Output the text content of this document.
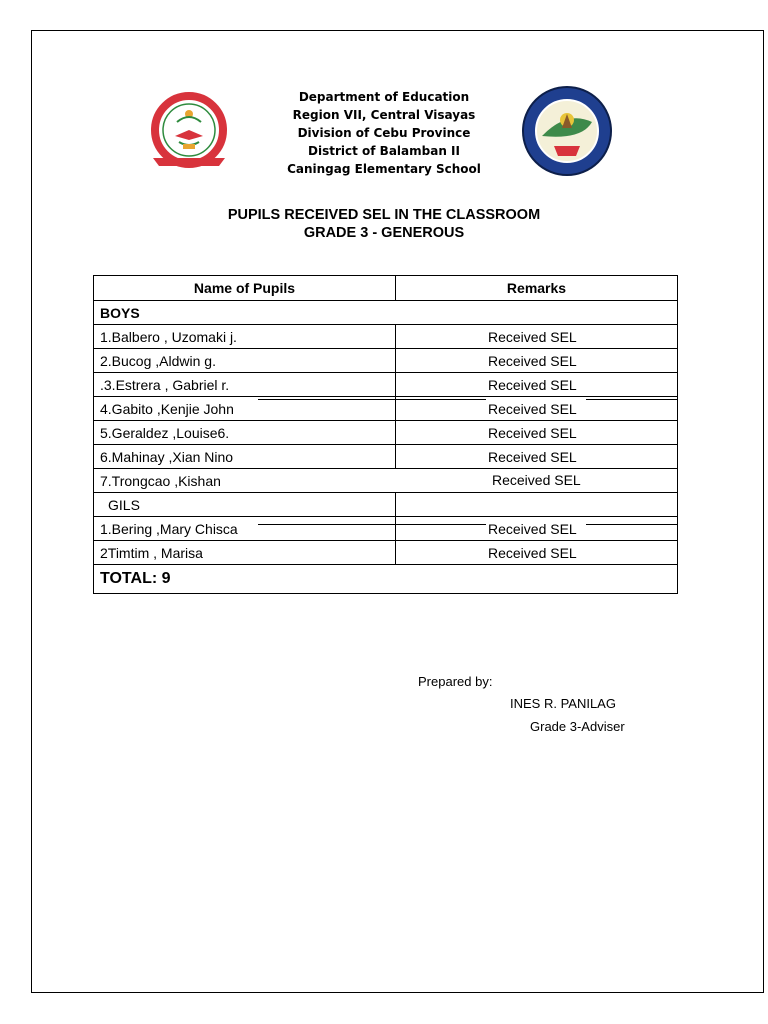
Department of Education
Region VII, Central Visayas
Division of Cebu Province
District of Balamban II
Caningag Elementary School
PUPILS RECEIVED SEL IN THE CLASSROOM
GRADE 3 - GENEROUS
Name of Pupils	Remarks
BOYS	
1.Balbero , Uzomaki j.	Received SEL
2.Bucog ,Aldwin g.	Received SEL
.3.Estrera , Gabriel r.	Received SEL
4.Gabito ,Kenjie John	Received SEL
5.Geraldez ,Louise6.	Received SEL
6.Mahinay ,Xian Nino	Received SEL
7.Trongcao ,Kishan Received SEL	

GILS	
1.Bering ,Mary Chisca	Received SEL
2Timtim , Marisa	Received SEL
TOTAL: 9	
Prepared by:
INES R. PANILAG
Grade 3-Adviser
